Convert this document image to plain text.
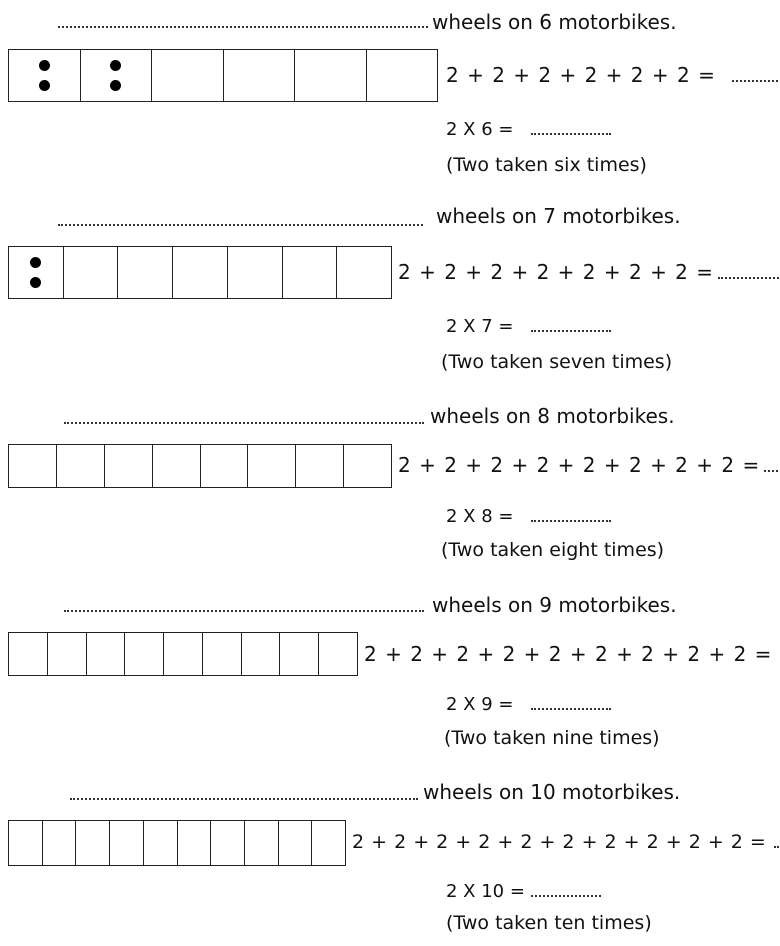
wheels on 6 motorbikes.
2 + 2 + 2 + 2 + 2 + 2 =
2 X 6 =
(Two taken six times)
wheels on 7 motorbikes.
2 + 2 + 2 + 2 + 2 + 2 + 2 =
2 X 7 =
(Two taken seven times)
wheels on 8 motorbikes.
2 + 2 + 2 + 2 + 2 + 2 + 2 + 2 =
2 X 8 =
(Two taken eight times)
wheels on 9 motorbikes.
2 + 2 + 2 + 2 + 2 + 2 + 2 + 2 + 2 =
2 X 9 =
(Two taken nine times)
wheels on 10 motorbikes.
2 + 2 + 2 + 2 + 2 + 2 + 2 + 2 + 2 + 2 =
2 X 10 =
(Two taken ten times)
